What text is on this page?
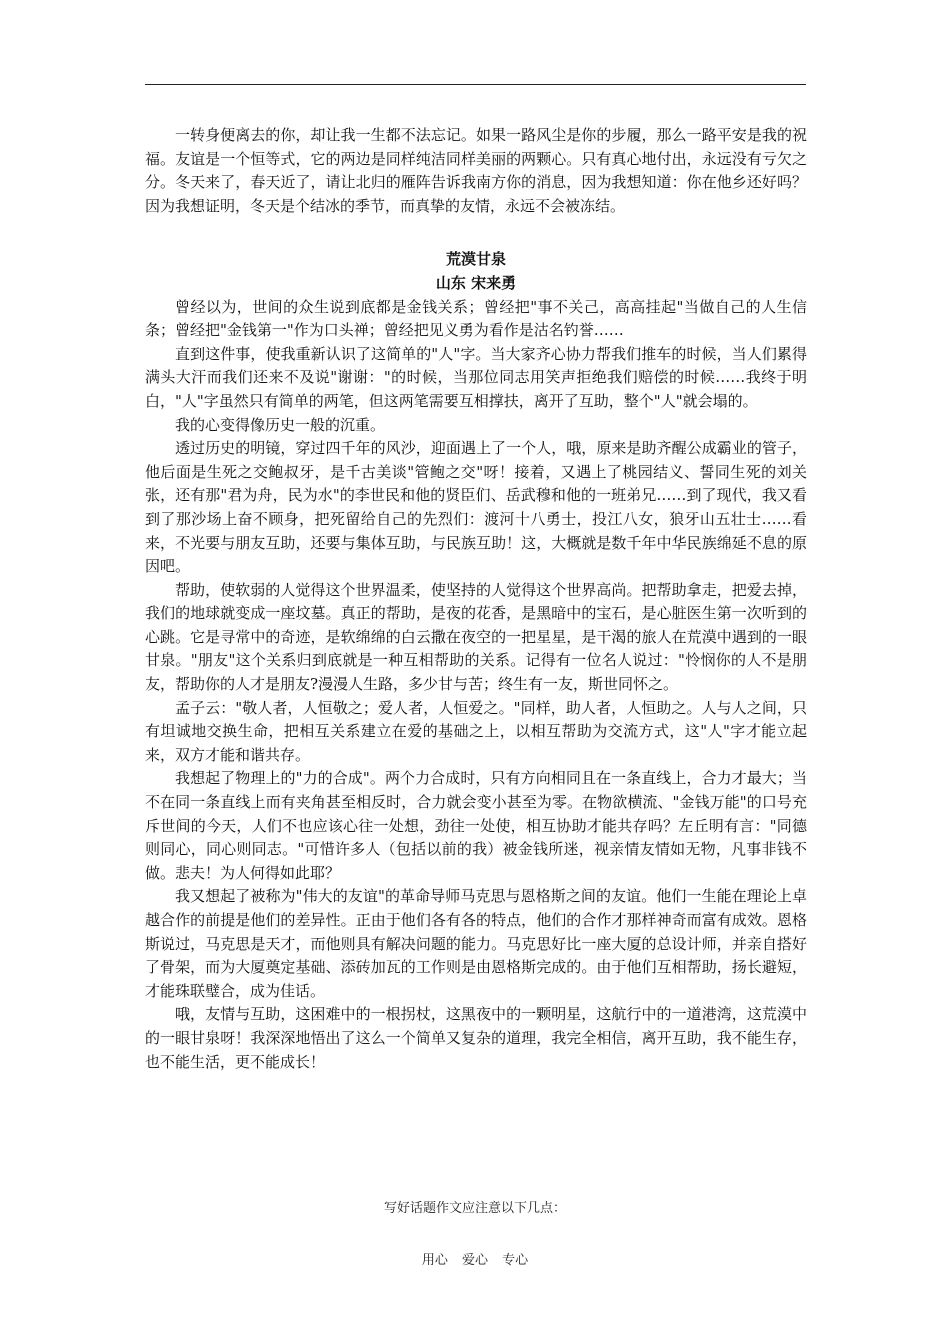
一转身便离去的你，却让我一生都不法忘记。如果一路风尘是你的步履，那么一路平安是我的祝福。友谊是一个恒等式，它的两边是同样纯洁同样美丽的两颗心。只有真心地付出，永远没有亏欠之分。冬天来了，春天近了，请让北归的雁阵告诉我南方你的消息，因为我想知道：你在他乡还好吗？因为我想证明，冬天是个结冰的季节，而真挚的友情，永远不会被冻结。

荒漠甘泉
山东 宋来勇

曾经以为，世间的众生说到底都是金钱关系；曾经把"事不关己，高高挂起"当做自己的人生信条；曾经把"金钱第一"作为口头禅；曾经把见义勇为看作是沽名钓誉……

直到这件事，使我重新认识了这简单的"人"字。当大家齐心协力帮我们推车的时候，当人们累得满头大汗而我们还来不及说"谢谢："的时候，当那位同志用笑声拒绝我们赔偿的时候……我终于明白，"人"字虽然只有简单的两笔，但这两笔需要互相撑扶，离开了互助，整个"人"就会塌的。

我的心变得像历史一般的沉重。

透过历史的明镜，穿过四千年的风沙，迎面遇上了一个人，哦，原来是助齐醒公成霸业的管子，他后面是生死之交鲍叔牙，是千古美谈"管鲍之交"呀！接着，又遇上了桃园结义、誓同生死的刘关张，还有那"君为舟，民为水"的李世民和他的贤臣们、岳武穆和他的一班弟兄……到了现代，我又看到了那沙场上奋不顾身，把死留给自己的先烈们：渡河十八勇士，投江八女，狼牙山五壮士……看来，不光要与朋友互助，还要与集体互助，与民族互助！这，大概就是数千年中华民族绵延不息的原因吧。

帮助，使软弱的人觉得这个世界温柔，使坚持的人觉得这个世界高尚。把帮助拿走，把爱去掉，我们的地球就变成一座坟墓。真正的帮助，是夜的花香，是黑暗中的宝石，是心脏医生第一次听到的心跳。它是寻常中的奇迹，是软绵绵的白云撒在夜空的一把星星，是干渴的旅人在荒漠中遇到的一眼甘泉。"朋友"这个关系归到底就是一种互相帮助的关系。记得有一位名人说过："怜悯你的人不是朋友，帮助你的人才是朋友?漫漫人生路，多少甘与苦；终生有一友，斯世同怀之。

孟子云："敬人者，人恒敬之；爱人者，人恒爱之。"同样，助人者，人恒助之。人与人之间，只有坦诚地交换生命，把相互关系建立在爱的基础之上，以相互帮助为交流方式，这"人"字才能立起来，双方才能和谐共存。

我想起了物理上的"力的合成"。两个力合成时，只有方向相同且在一条直线上，合力才最大；当不在同一条直线上而有夹角甚至相反时，合力就会变小甚至为零。在物欲横流、"金钱万能"的口号充斥世间的今天，人们不也应该心往一处想，劲往一处使，相互协助才能共存吗？左丘明有言："同德则同心，同心则同志。"可惜许多人（包括以前的我）被金钱所迷，视亲情友情如无物，凡事非钱不做。悲夫！为人何得如此耶？

我又想起了被称为"伟大的友谊"的革命导师马克思与恩格斯之间的友谊。他们一生能在理论上卓越合作的前提是他们的差异性。正由于他们各有各的特点，他们的合作才那样神奇而富有成效。恩格斯说过，马克思是天才，而他则具有解决问题的能力。马克思好比一座大厦的总设计师，并亲自搭好了骨架，而为大厦奠定基础、添砖加瓦的工作则是由恩格斯完成的。由于他们互相帮助，扬长避短，才能珠联璧合，成为佳话。

哦，友情与互助，这困难中的一根拐杖，这黑夜中的一颗明星，这航行中的一道港湾，这荒漠中的一眼甘泉呀！我深深地悟出了这么一个简单又复杂的道理，我完全相信，离开互助，我不能生存，也不能生活，更不能成长！

写好话题作文应注意以下几点：
用心 爱心 专心
